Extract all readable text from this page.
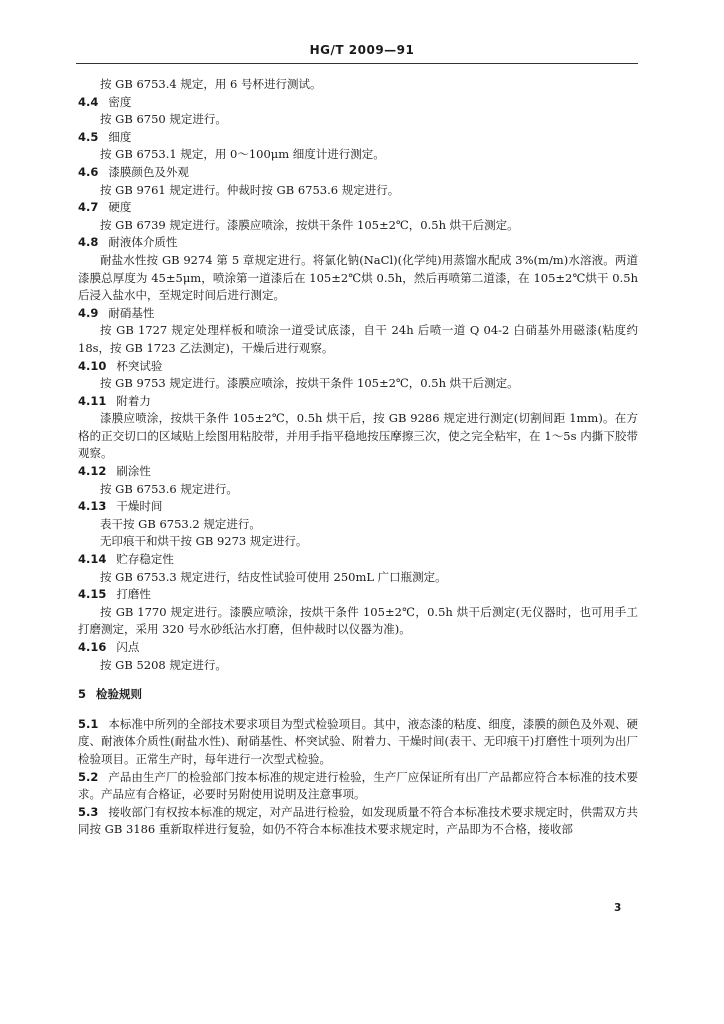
HG/T 2009—91
按 GB 6753.4 规定，用 6 号杯进行测试。
4.4 密度
按 GB 6750 规定进行。
4.5 细度
按 GB 6753.1 规定，用 0～100μm 细度计进行测定。
4.6 漆膜颜色及外观
按 GB 9761 规定进行。仲裁时按 GB 6753.6 规定进行。
4.7 硬度
按 GB 6739 规定进行。漆膜应喷涂，按烘干条件 105±2℃，0.5h 烘干后测定。
4.8 耐液体介质性
耐盐水性按 GB 9274 第 5 章规定进行。将氯化钠(NaCl)(化学纯)用蒸馏水配成 3%(m/m)水溶液。两道漆膜总厚度为 45±5μm，喷涂第一道漆后在 105±2℃烘 0.5h，然后再喷第二道漆，在 105±2℃烘干 0.5h 后浸入盐水中，至规定时间后进行测定。
4.9 耐硝基性
按 GB 1727 规定处理样板和喷涂一道受试底漆，自干 24h 后喷一道 Q 04-2 白硝基外用磁漆(粘度约 18s，按 GB 1723 乙法测定)，干燥后进行观察。
4.10 杯突试验
按 GB 9753 规定进行。漆膜应喷涂，按烘干条件 105±2℃，0.5h 烘干后测定。
4.11 附着力
漆膜应喷涂，按烘干条件 105±2℃，0.5h 烘干后，按 GB 9286 规定进行测定(切割间距 1mm)。在方格的正交切口的区域贴上绘图用粘胶带，并用手指平稳地按压摩擦三次，使之完全粘牢，在 1～5s 内撕下胶带观察。
4.12 刷涂性
按 GB 6753.6 规定进行。
4.13 干燥时间
表干按 GB 6753.2 规定进行。
无印痕干和烘干按 GB 9273 规定进行。
4.14 贮存稳定性
按 GB 6753.3 规定进行，结皮性试验可使用 250mL 广口瓶测定。
4.15 打磨性
按 GB 1770 规定进行。漆膜应喷涂，按烘干条件 105±2℃，0.5h 烘干后测定(无仪器时，也可用手工打磨测定，采用 320 号水砂纸沾水打磨，但仲裁时以仪器为准)。
4.16 闪点
按 GB 5208 规定进行。
5 检验规则
5.1 本标准中所列的全部技术要求项目为型式检验项目。其中，液态漆的粘度、细度，漆膜的颜色及外观、硬度、耐液体介质性(耐盐水性)、耐硝基性、杯突试验、附着力、干燥时间(表干、无印痕干)打磨性十项列为出厂检验项目。正常生产时，每年进行一次型式检验。
5.2 产品由生产厂的检验部门按本标准的规定进行检验，生产厂应保证所有出厂产品都应符合本标准的技术要求。产品应有合格证，必要时另附使用说明及注意事项。
5.3 接收部门有权按本标准的规定，对产品进行检验，如发现质量不符合本标准技术要求规定时，供需双方共同按 GB 3186 重新取样进行复验，如仍不符合本标准技术要求规定时，产品即为不合格，接收部
3
